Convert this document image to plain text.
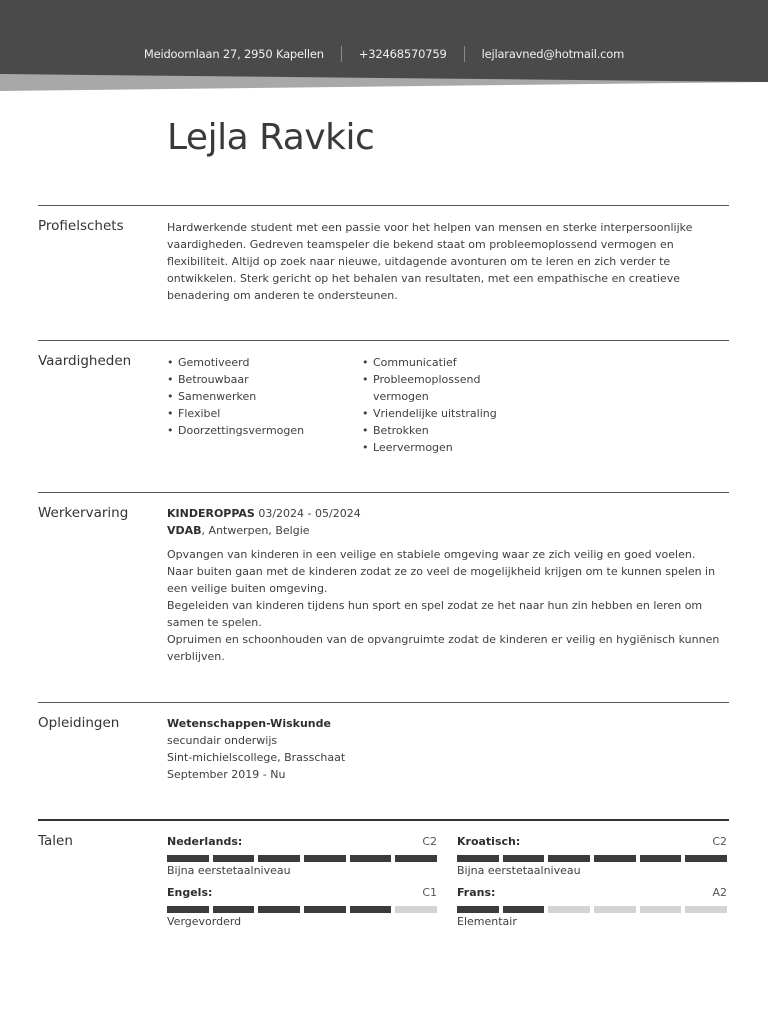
Meidoornlaan 27, 2950 Kapellen	+32468570759	lejlaravned@hotmail.com
Lejla Ravkic
Profielschets	Hardwerkende student met een passie voor het helpen van mensen en sterke interpersoonlijke vaardigheden. Gedreven teamspeler die bekend staat om probleemoplossend vermogen en flexibiliteit. Altijd op zoek naar nieuwe, uitdagende avonturen om te leren en zich verder te ontwikkelen. Sterk gericht op het behalen van resultaten, met een empathische en creatieve benadering om anderen te ondersteunen.

Vaardigheden
•	Gemotiveerd
• Betrouwbaar
• Samenwerken
• Flexibel
• Doorzettingsvermogen
• Communicatief
• Probleemoplossend vermogen
• Vriendelijke uitstraling
• Betrokken
• Leervermogen
Werkervaring	KINDEROPPAS 03/2024 - 05/2024

VDAB, Antwerpen, Belgie

Opvangen van kinderen in een veilige en stabiele omgeving waar ze zich veilig en goed voelen.

Naar buiten gaan met de kinderen zodat ze zo veel de mogelijkheid krijgen om te kunnen spelen in een veilige buiten omgeving.

Begeleiden van kinderen tijdens hun sport en spel zodat ze het naar hun zin hebben en leren om samen te spelen.

Opruimen en schoonhouden van de opvangruimte zodat de kinderen er veilig en hygiënisch kunnen verblijven.

Opleidingen	Wetenschappen-Wiskunde

secundair onderwijs

Sint-michielscollege, Brasschaat

September 2019 - Nu

Talen	Nederlands:	C2
Bijna eerstetaalniveau
Kroatisch:	C2
Bijna eerstetaalniveau
Engels:	C1
Vergevorderd
Frans:	A2
Elementair
